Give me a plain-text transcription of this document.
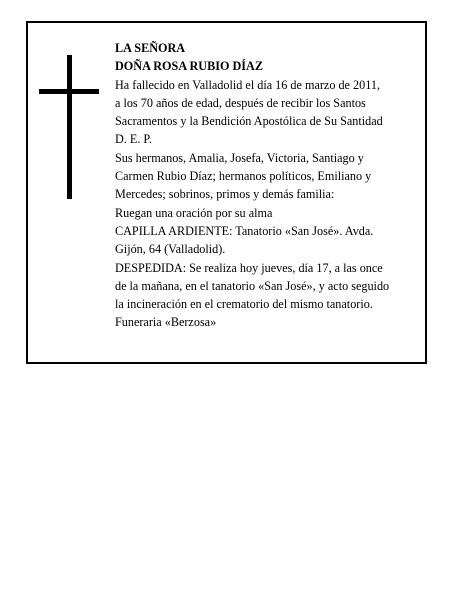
LA SEÑORA
DOÑA ROSA RUBIO DÍAZ
Ha fallecido en Valladolid el día 16 de marzo de 2011,
a los 70 años de edad, después de recibir los Santos
Sacramentos y la Bendición Apostólica de Su Santidad
D. E. P.
Sus hermanos, Amalia, Josefa, Victoria, Santiago y
Carmen Rubio Díaz; hermanos políticos, Emiliano y
Mercedes; sobrinos, primos y demás familia:
Ruegan una oración por su alma
CAPILLA ARDIENTE: Tanatorio «San José». Avda.
Gijón, 64 (Valladolid).
DESPEDIDA: Se realiza hoy jueves, día 17, a las once
de la mañana, en el tanatorio «San José», y acto seguido
la incineración en el crematorio del mismo tanatorio.
Funeraria «Berzosa»
